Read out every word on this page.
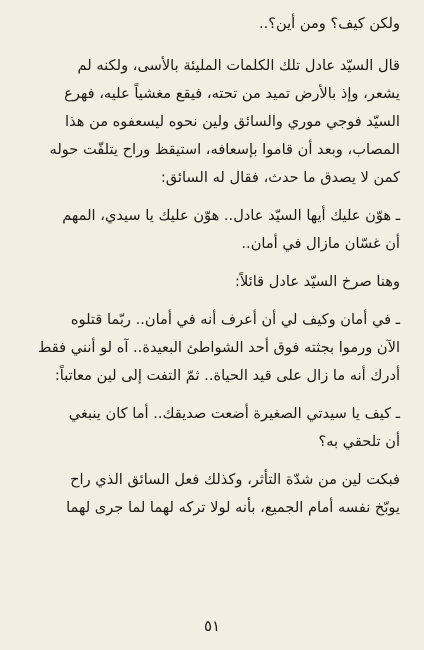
ولكن كيف؟ ومن أين؟..
قال السيّد عادل تلك الكلمات المليئة بالأسى، ولكنه لم
يشعر، وإذ بالأرض تميد من تحته، فيقع مغشياً عليه، فهرع
السيّد فوجي موري والسائق ولين نحوه ليسعفوه من هذا
المصاب، وبعد أن قاموا بإسعافه، استيقظ وراح يتلفّت حوله
كمن لا يصدق ما حدث، فقال له السائق:
ـ هوّن عليك أيها السيّد عادل.. هوّن عليك يا سيدي، المهم
أن غسّان مازال في أمان..
وهنا صرخ السيّد عادل قائلاً:
ـ في أمان وكيف لي أن أعرف أنه في أمان.. ربّما قتلوه
الآن ورموا بجثته فوق أحد الشواطئ البعيدة.. آه لو أنني فقط
أدرك أنه ما زال على قيد الحياة.. ثمّ التفت إلى لين معاتباً:
ـ كيف يا سيدتي الصغيرة أضعت صديقك.. أما كان ينبغي
أن تلحقي به؟
فبكت لين من شدّة التأثر، وكذلك فعل السائق الذي راح
يوبّخ نفسه أمام الجميع، بأنه لولا تركه لهما لما جرى لهما
٥١
